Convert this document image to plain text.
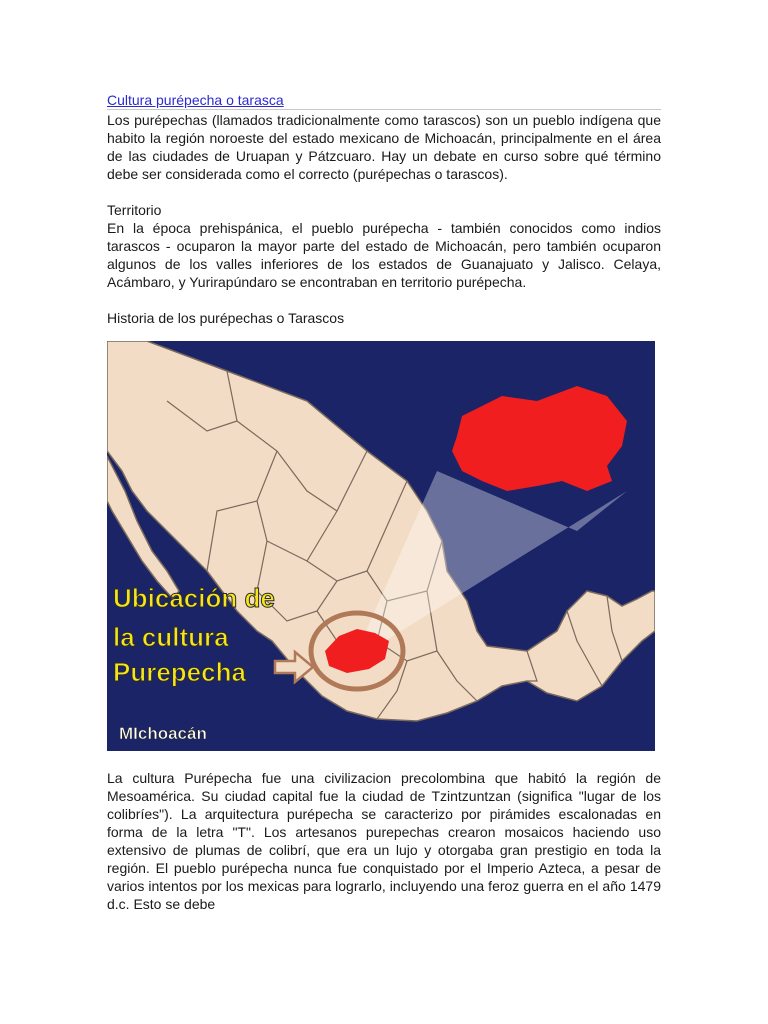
Cultura purépecha o tarasca

Los purépechas (llamados tradicionalmente como tarascos) son un pueblo indígena que habito la región noroeste del estado mexicano de Michoacán, principalmente en el área de las ciudades de Uruapan y Pátzcuaro. Hay un debate en curso sobre qué término debe ser considerada como el correcto (purépechas o tarascos).

Territorio

En la época prehispánica, el pueblo purépecha - también conocidos como indios tarascos - ocuparon la mayor parte del estado de Michoacán, pero también ocuparon algunos de los valles inferiores de los estados de Guanajuato y Jalisco. Celaya, Acámbaro, y Yurirapúndaro se encontraban en territorio purépecha.

Historia de los purépechas o Tarascos

Ubicación de
la cultura
Purepecha
MIchoacán

La cultura Purépecha fue una civilizacion precolombina que habitó la región de Mesoamérica. Su ciudad capital fue la ciudad de Tzintzuntzan (significa "lugar de los colibríes"). La arquitectura purépecha se caracterizo por pirámides escalonadas en forma de la letra "T". Los artesanos purepechas crearon mosaicos haciendo uso extensivo de plumas de colibrí, que era un lujo y otorgaba gran prestigio en toda la región. El pueblo purépecha nunca fue conquistado por el Imperio Azteca, a pesar de varios intentos por los mexicas para lograrlo, incluyendo una feroz guerra en el año 1479 d.c. Esto se debe
